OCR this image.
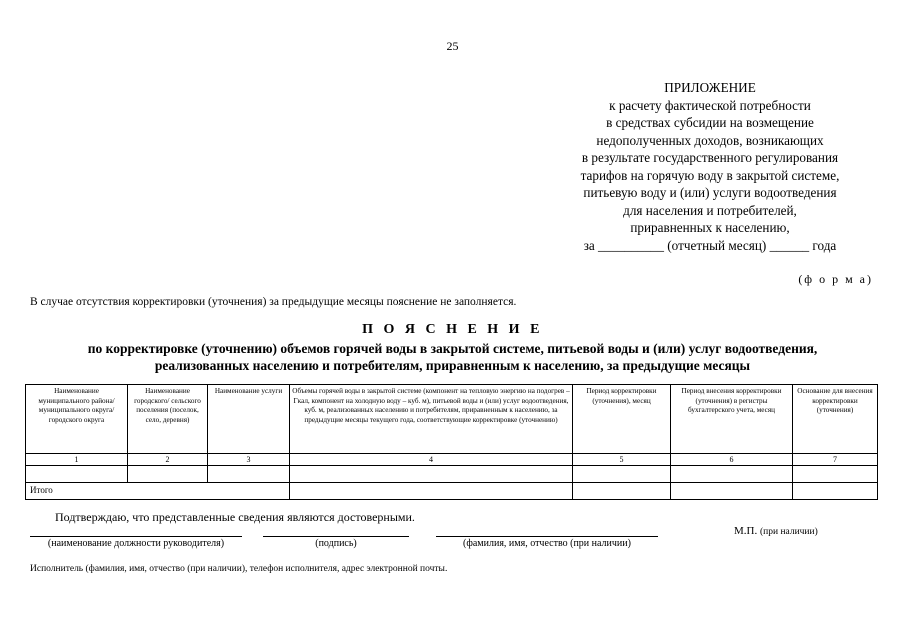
25
ПРИЛОЖЕНИЕ
к расчету фактической потребности
в средствах субсидии на возмещение
недополученных доходов, возникающих
в результате государственного регулирования
тарифов на горячую воду в закрытой системе,
питьевую воду и (или) услуги водоотведения
для населения и потребителей,
приравненных к населению,
за __________ (отчетный месяц) ______ года
(ф о р м а)
В случае отсутствия корректировки (уточнения) за предыдущие месяцы пояснение не заполняется.
П О Я С Н Е Н И Е
по корректировке (уточнению) объемов горячей воды в закрытой системе, питьевой воды и (или) услуг водоотведения,
реализованных населению и потребителям, приравненным к населению, за предыдущие месяцы
Наименование муниципального района/ муниципального округа/ городского округа	Наименование городского/ сельского поселения (поселок, село, деревня)	Наименование услуги	Объемы горячей воды в закрытой системе (компонент на тепловую энергию на подогрев – Гкал, компонент на холодную воду – куб. м), питьевой воды и (или) услуг водоотведения, куб. м, реализованных населению и потребителям, приравненным к населению, за предыдущие месяцы текущего года, соответствующие корректировке (уточнению)	Период корректировки (уточнения), месяц	Период внесения корректировки (уточнения) в регистры бухгалтерского учета, месяц	Основание для внесения корректировки (уточнения)
1	2	3	4	5	6	7

Итого						
Подтверждаю, что представленные сведения являются достоверными.
(наименование должности руководителя)	(подпись)	(фамилия, имя, отчество (при наличии)
М.П. (при наличии)
Исполнитель (фамилия, имя, отчество (при наличии), телефон исполнителя, адрес электронной почты.
